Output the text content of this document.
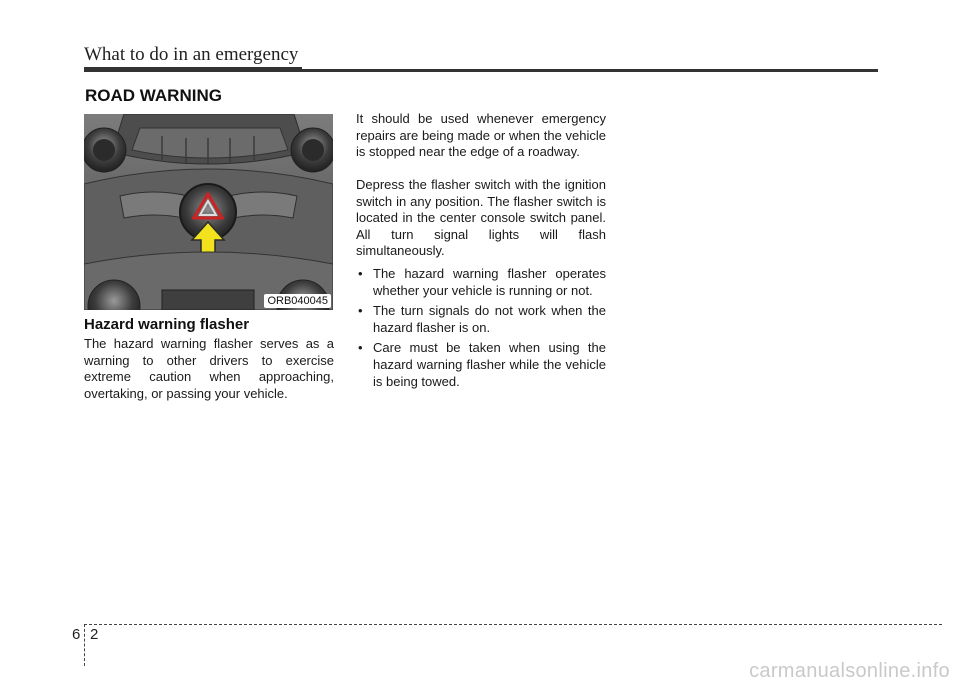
What to do in an emergency
ROAD WARNING
ORB040045
Hazard warning flasher
The hazard warning flasher serves as a warning to other drivers to exercise extreme caution when approaching, overtaking, or passing your vehicle.
It should be used whenever emergency repairs are being made or when the vehicle is stopped near the edge of a roadway.
Depress the flasher switch with the ignition switch in any position. The flasher switch is located in the center console switch panel. All turn signal lights will flash simultaneously.
• The hazard warning flasher operates whether your vehicle is running or not.
• The turn signals do not work when the hazard flasher is on.
• Care must be taken when using the hazard warning flasher while the vehicle is being towed.
6 2
carmanualsonline.info
